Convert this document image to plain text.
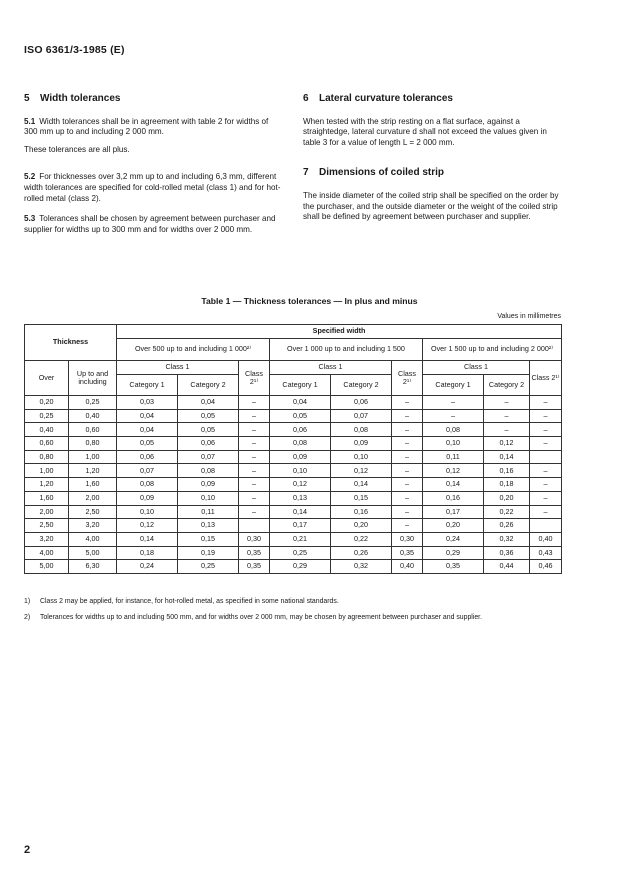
ISO 6361/3-1985 (E)
5 Width tolerances
5.1 Width tolerances shall be in agreement with table 2 for widths of 300 mm up to and including 2 000 mm.
These tolerances are all plus.
5.2 For thicknesses over 3,2 mm up to and including 6,3 mm, different width tolerances are specified for cold-rolled metal (class 1) and for hot-rolled metal (class 2).
5.3 Tolerances shall be chosen by agreement between purchaser and supplier for widths up to 300 mm and for widths over 2 000 mm.
6 Lateral curvature tolerances
When tested with the strip resting on a flat surface, against a straightedge, lateral curvature d shall not exceed the values given in table 3 for a value of length L = 2 000 mm.
7 Dimensions of coiled strip
The inside diameter of the coiled strip shall be specified on the order by the purchaser, and the outside diameter or the weight of the coiled strip shall be defined by agreement between purchaser and supplier.
Table 1 — Thickness tolerances — In plus and minus
Values in millimetres
Thickness		Specified width								
		Over 500 up to and including 1 000²⁾			Over 1 000 up to and including 1 500			Over 1 500 up to and including 2 000²⁾		
Over	Up to and including	Class 1		Class 2¹⁾	Class 1		Class 2¹⁾	Class 1		Class 2¹⁾
		Category 1	Category 2		Category 1	Category 2		Category 1	Category 2	
0,20	0,25	0,03	0,04	–	0,04	0,06	–	–	–	–
0,25	0,40	0,04	0,05	–	0,05	0,07	–	–	–	–
0,40	0,60	0,04	0,05	–	0,06	0,08	–	0,08	–	–
0,60	0,80	0,05	0,06	–	0,08	0,09	–	0,10	0,12	–
0,80	1,00	0,06	0,07	–	0,09	0,10	–	0,11	0,14	
1,00	1,20	0,07	0,08	–	0,10	0,12	–	0,12	0,16	–
1,20	1,60	0,08	0,09	–	0,12	0,14	–	0,14	0,18	–
1,60	2,00	0,09	0,10	–	0,13	0,15	–	0,16	0,20	–
2,00	2,50	0,10	0,11	–	0,14	0,16	–	0,17	0,22	–
2,50	3,20	0,12	0,13		0,17	0,20	–	0,20	0,26	
3,20	4,00	0,14	0,15	0,30	0,21	0,22	0,30	0,24	0,32	0,40
4,00	5,00	0,18	0,19	0,35	0,25	0,26	0,35	0,29	0,36	0,43
5,00	6,30	0,24	0,25	0,35	0,29	0,32	0,40	0,35	0,44	0,46
1) Class 2 may be applied, for instance, for hot-rolled metal, as specified in some national standards.
2) Tolerances for widths up to and including 500 mm, and for widths over 2 000 mm, may be chosen by agreement between purchaser and supplier.
2
